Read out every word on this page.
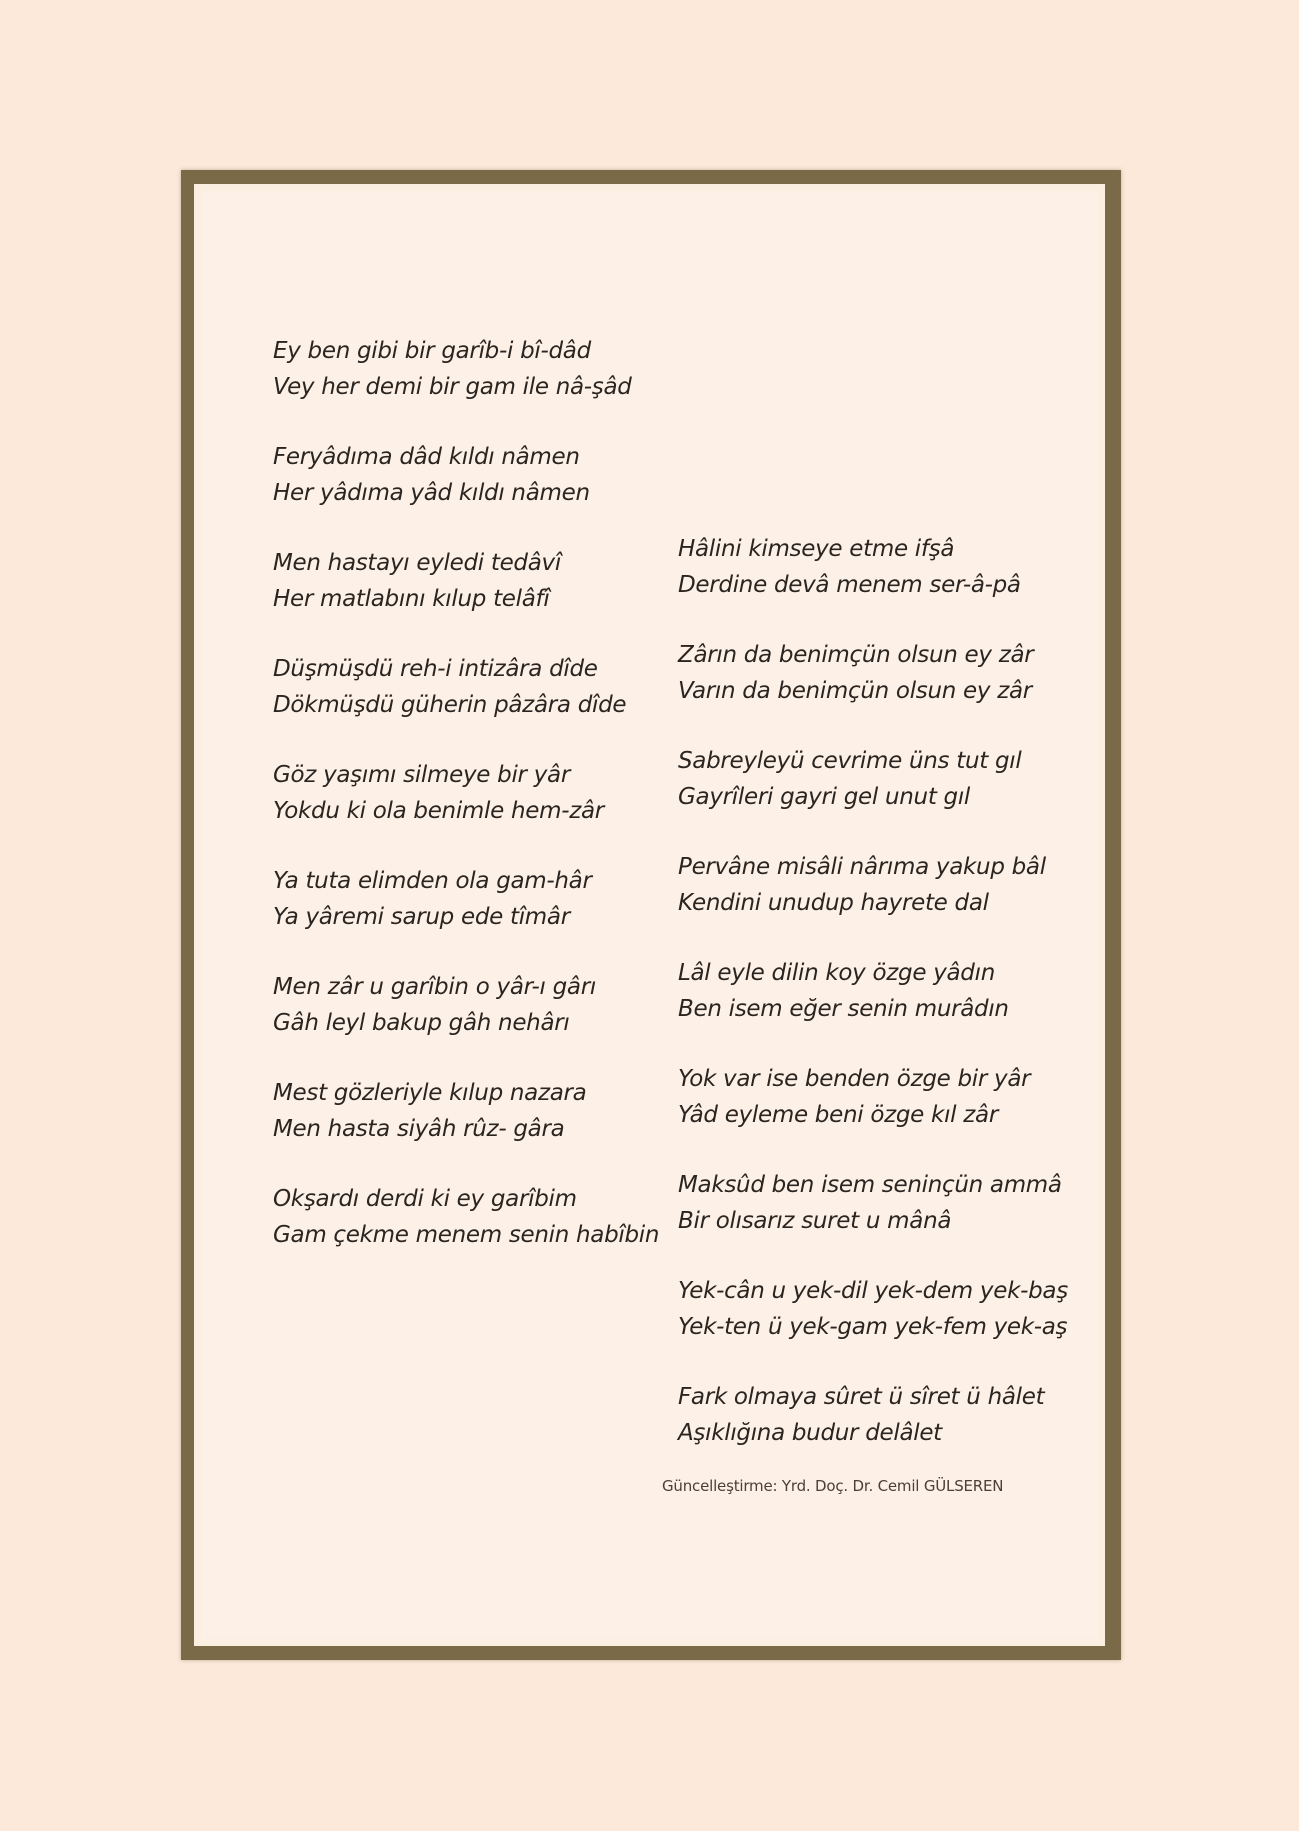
Ey ben gibi bir garîb-i bî-dâd
Vey her demi bir gam ile nâ-şâd
Feryâdıma dâd kıldı nâmen
Her yâdıma yâd kıldı nâmen
Men hastayı eyledi tedâvî
Her matlabını kılup telâfî
Düşmüşdü reh-i intizâra dîde
Dökmüşdü güherin pâzâra dîde
Göz yaşımı silmeye bir yâr
Yokdu ki ola benimle hem-zâr
Ya tuta elimden ola gam-hâr
Ya yâremi sarup ede tîmâr
Men zâr u garîbin o yâr-ı gârı
Gâh leyl bakup gâh nehârı
Mest gözleriyle kılup nazara
Men hasta siyâh rûz- gâra
Okşardı derdi ki ey garîbim
Gam çekme menem senin habîbin
Hâlini kimseye etme ifşâ
Derdine devâ menem ser-â-pâ
Zârın da benimçün olsun ey zâr
Varın da benimçün olsun ey zâr
Sabreyleyü cevrime üns tut gıl
Gayrîleri gayri gel unut gıl
Pervâne misâli nârıma yakup bâl
Kendini unudup hayrete dal
Lâl eyle dilin koy özge yâdın
Ben isem eğer senin murâdın
Yok var ise benden özge bir yâr
Yâd eyleme beni özge kıl zâr
Maksûd ben isem seninçün ammâ
Bir olısarız suret u mânâ
Yek-cân u yek-dil yek-dem yek-baş
Yek-ten ü yek-gam yek-fem yek-aş
Fark olmaya sûret ü sîret ü hâlet
Aşıklığına budur delâlet
Güncelleştirme: Yrd. Doç. Dr. Cemil GÜLSEREN
